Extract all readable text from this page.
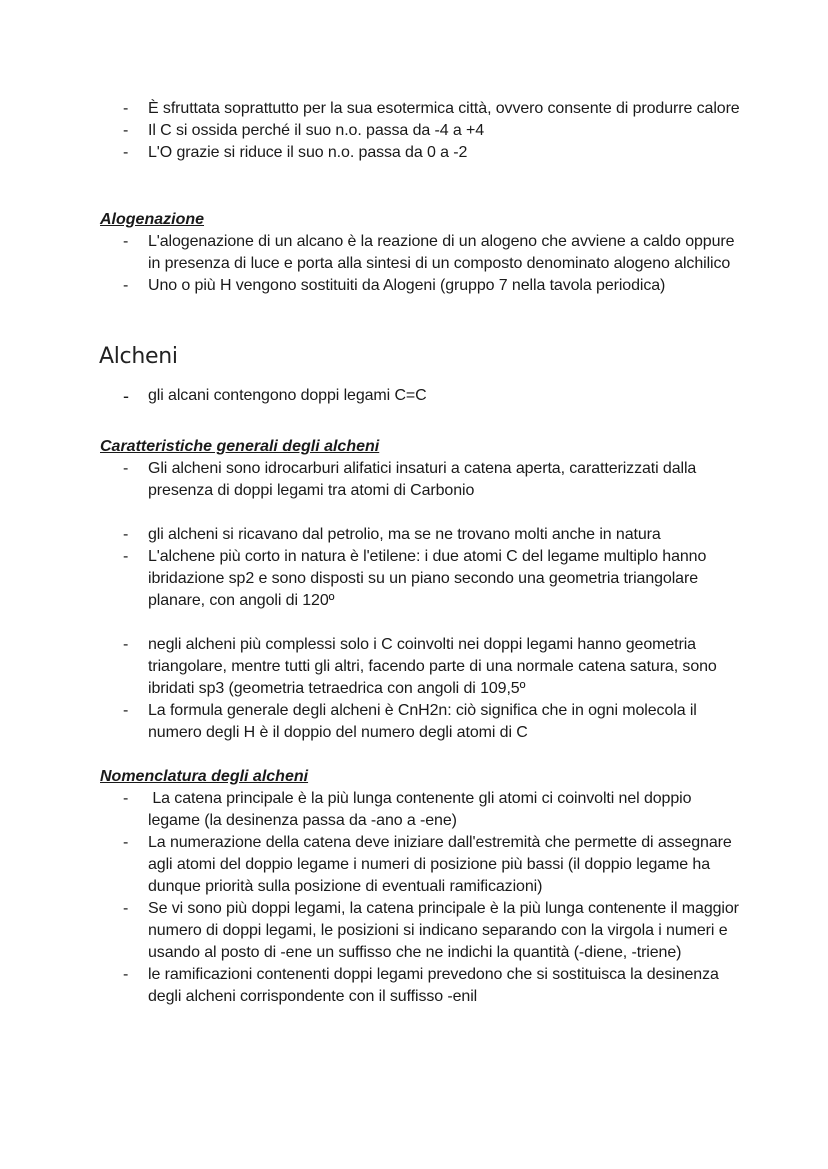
- È sfruttata soprattutto per la sua esotermica città, ovvero consente di produrre calore
- Il C si ossida perché il suo n.o. passa da -4 a +4
- L'O grazie si riduce il suo n.o. passa da 0 a -2
Alogenazione
- L'alogenazione di un alcano è la reazione di un alogeno che avviene a caldo oppure in presenza di luce e porta alla sintesi di un composto denominato alogeno alchilico
- Uno o più H vengono sostituiti da Alogeni (gruppo 7 nella tavola periodica)
Alcheni
- gli alcani contengono doppi legami C=C
Caratteristiche generali degli alcheni
- Gli alcheni sono idrocarburi alifatici insaturi a catena aperta, caratterizzati dalla presenza di doppi legami tra atomi di Carbonio
- gli alcheni si ricavano dal petrolio, ma se ne trovano molti anche in natura
- L'alchene più corto in natura è l'etilene: i due atomi C del legame multiplo hanno ibridazione sp2 e sono disposti su un piano secondo una geometria triangolare planare, con angoli di 120º
- negli alcheni più complessi solo i C coinvolti nei doppi legami hanno geometria triangolare, mentre tutti gli altri, facendo parte di una normale catena satura, sono ibridati sp3 (geometria tetraedrica con angoli di 109,5º
- La formula generale degli alcheni è CnH2n: ciò significa che in ogni molecola il numero degli H è il doppio del numero degli atomi di C
Nomenclatura degli alcheni
- La catena principale è la più lunga contenente gli atomi ci coinvolti nel doppio legame (la desinenza passa da -ano a -ene)
- La numerazione della catena deve iniziare dall'estremità che permette di assegnare agli atomi del doppio legame i numeri di posizione più bassi (il doppio legame ha dunque priorità sulla posizione di eventuali ramificazioni)
- Se vi sono più doppi legami, la catena principale è la più lunga contenente il maggior numero di doppi legami, le posizioni si indicano separando con la virgola i numeri e usando al posto di -ene un suffisso che ne indichi la quantità (-diene, -triene)
- le ramificazioni contenenti doppi legami prevedono che si sostituisca la desinenza degli alcheni corrispondente con il suffisso -enil
